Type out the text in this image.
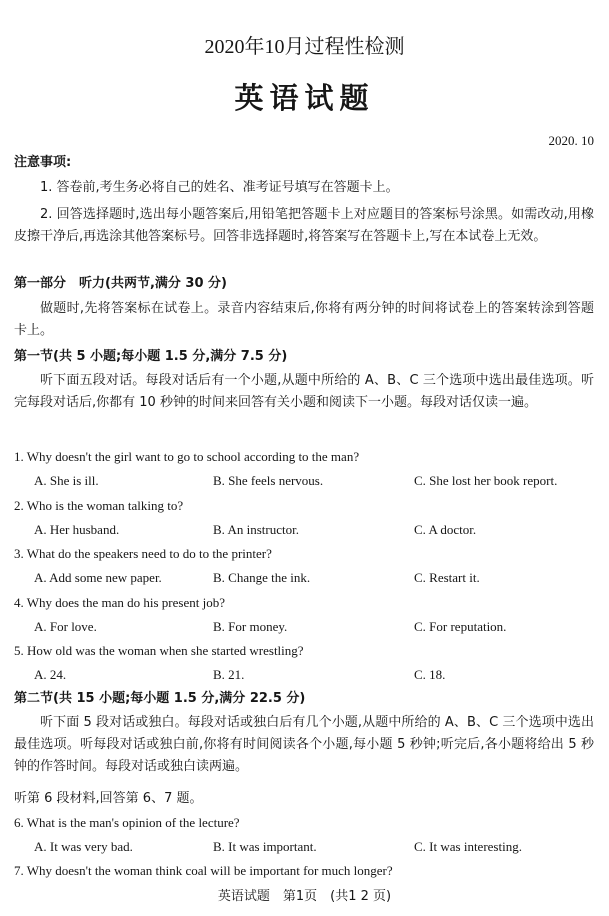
2020年10月过程性检测
英语试题
2020. 10
注意事项:
1. 答卷前,考生务必将自己的姓名、准考证号填写在答题卡上。
2. 回答选择题时,选出每小题答案后,用铅笔把答题卡上对应题目的答案标号涂黑。如需改动,用橡皮擦干净后,再选涂其他答案标号。回答非选择题时,将答案写在答题卡上,写在本试卷上无效。
第一部分　听力(共两节,满分 30 分)
做题时,先将答案标在试卷上。录音内容结束后,你将有两分钟的时间将试卷上的答案转涂到答题卡上。
第一节(共 5 小题;每小题 1.5 分,满分 7.5 分)
听下面五段对话。每段对话后有一个小题,从题中所给的 A、B、C 三个选项中选出最佳选项。听完每段对话后,你都有 10 秒钟的时间来回答有关小题和阅读下一小题。每段对话仅读一遍。
1. Why doesn't the girl want to go to school according to the man?
A. She is ill.	B. She feels nervous.	C. She lost her book report.
2. Who is the woman talking to?
A. Her husband.	B. An instructor.	C. A doctor.
3. What do the speakers need to do to the printer?
A. Add some new paper.	B. Change the ink.	C. Restart it.
4. Why does the man do his present job?
A. For love.	B. For money.	C. For reputation.
5. How old was the woman when she started wrestling?
A. 24.	B. 21.	C. 18.
第二节(共 15 小题;每小题 1.5 分,满分 22.5 分)
听下面 5 段对话或独白。每段对话或独白后有几个小题,从题中所给的 A、B、C 三个选项中选出最佳选项。听每段对话或独白前,你将有时间阅读各个小题,每小题 5 秒钟;听完后,各小题将给出 5 秒钟的作答时间。每段对话或独白读两遍。
听第 6 段材料,回答第 6、7 题。
6. What is the man's opinion of the lecture?
A. It was very bad.	B. It was important.	C. It was interesting.
7. Why doesn't the woman think coal will be important for much longer?
英语试题　第1页　(共1 2 页)
